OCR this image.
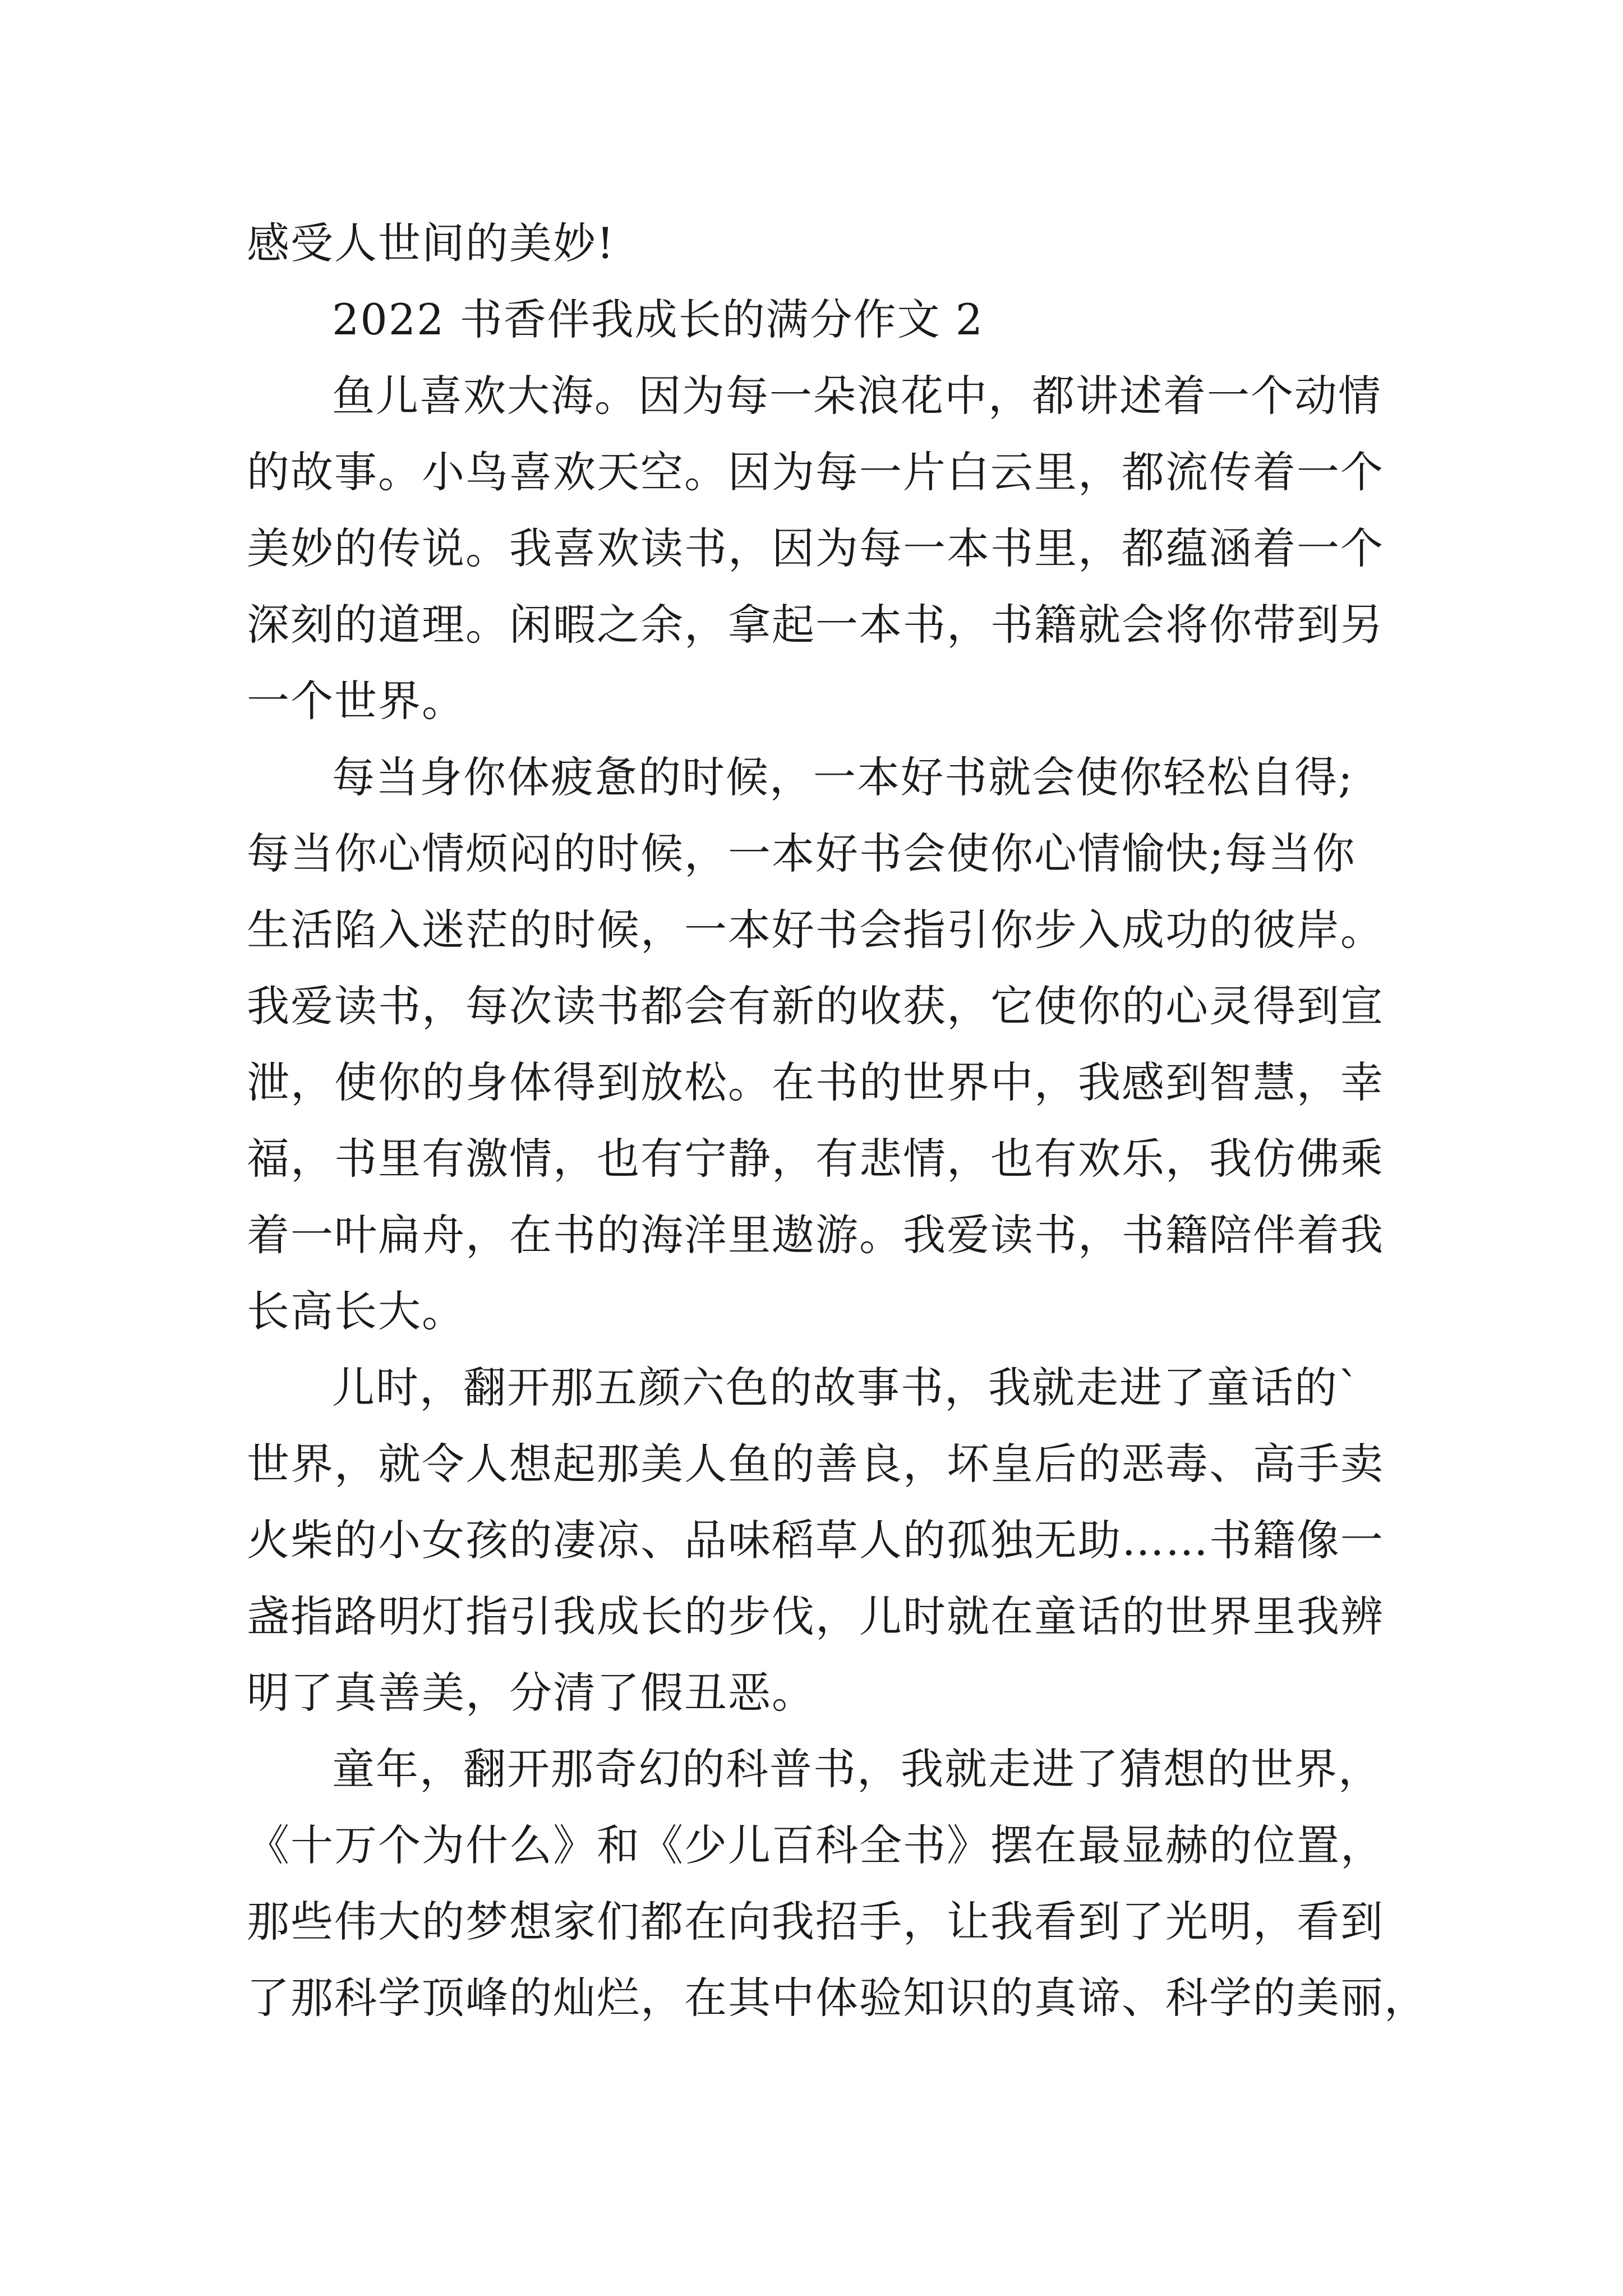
感受人世间的美妙!
2022 书香伴我成长的满分作文 2
鱼儿喜欢大海。因为每一朵浪花中，都讲述着一个动情
的故事。小鸟喜欢天空。因为每一片白云里，都流传着一个
美妙的传说。我喜欢读书，因为每一本书里，都蕴涵着一个
深刻的道理。闲暇之余，拿起一本书，书籍就会将你带到另
一个世界。
每当身你体疲惫的时候，一本好书就会使你轻松自得;
每当你心情烦闷的时候，一本好书会使你心情愉快;每当你
生活陷入迷茫的时候，一本好书会指引你步入成功的彼岸。
我爱读书，每次读书都会有新的收获，它使你的心灵得到宣
泄，使你的身体得到放松。在书的世界中，我感到智慧，幸
福，书里有激情，也有宁静，有悲情，也有欢乐，我仿佛乘
着一叶扁舟，在书的海洋里遨游。我爱读书，书籍陪伴着我
长高长大。
儿时，翻开那五颜六色的故事书，我就走进了童话的`
世界，就令人想起那美人鱼的善良，坏皇后的恶毒、高手卖
火柴的小女孩的凄凉、品味稻草人的孤独无助……书籍像一
盏指路明灯指引我成长的步伐，儿时就在童话的世界里我辨
明了真善美，分清了假丑恶。
童年，翻开那奇幻的科普书，我就走进了猜想的世界，
《十万个为什么》和《少儿百科全书》摆在最显赫的位置，
那些伟大的梦想家们都在向我招手，让我看到了光明，看到
了那科学顶峰的灿烂，在其中体验知识的真谛、科学的美丽，
